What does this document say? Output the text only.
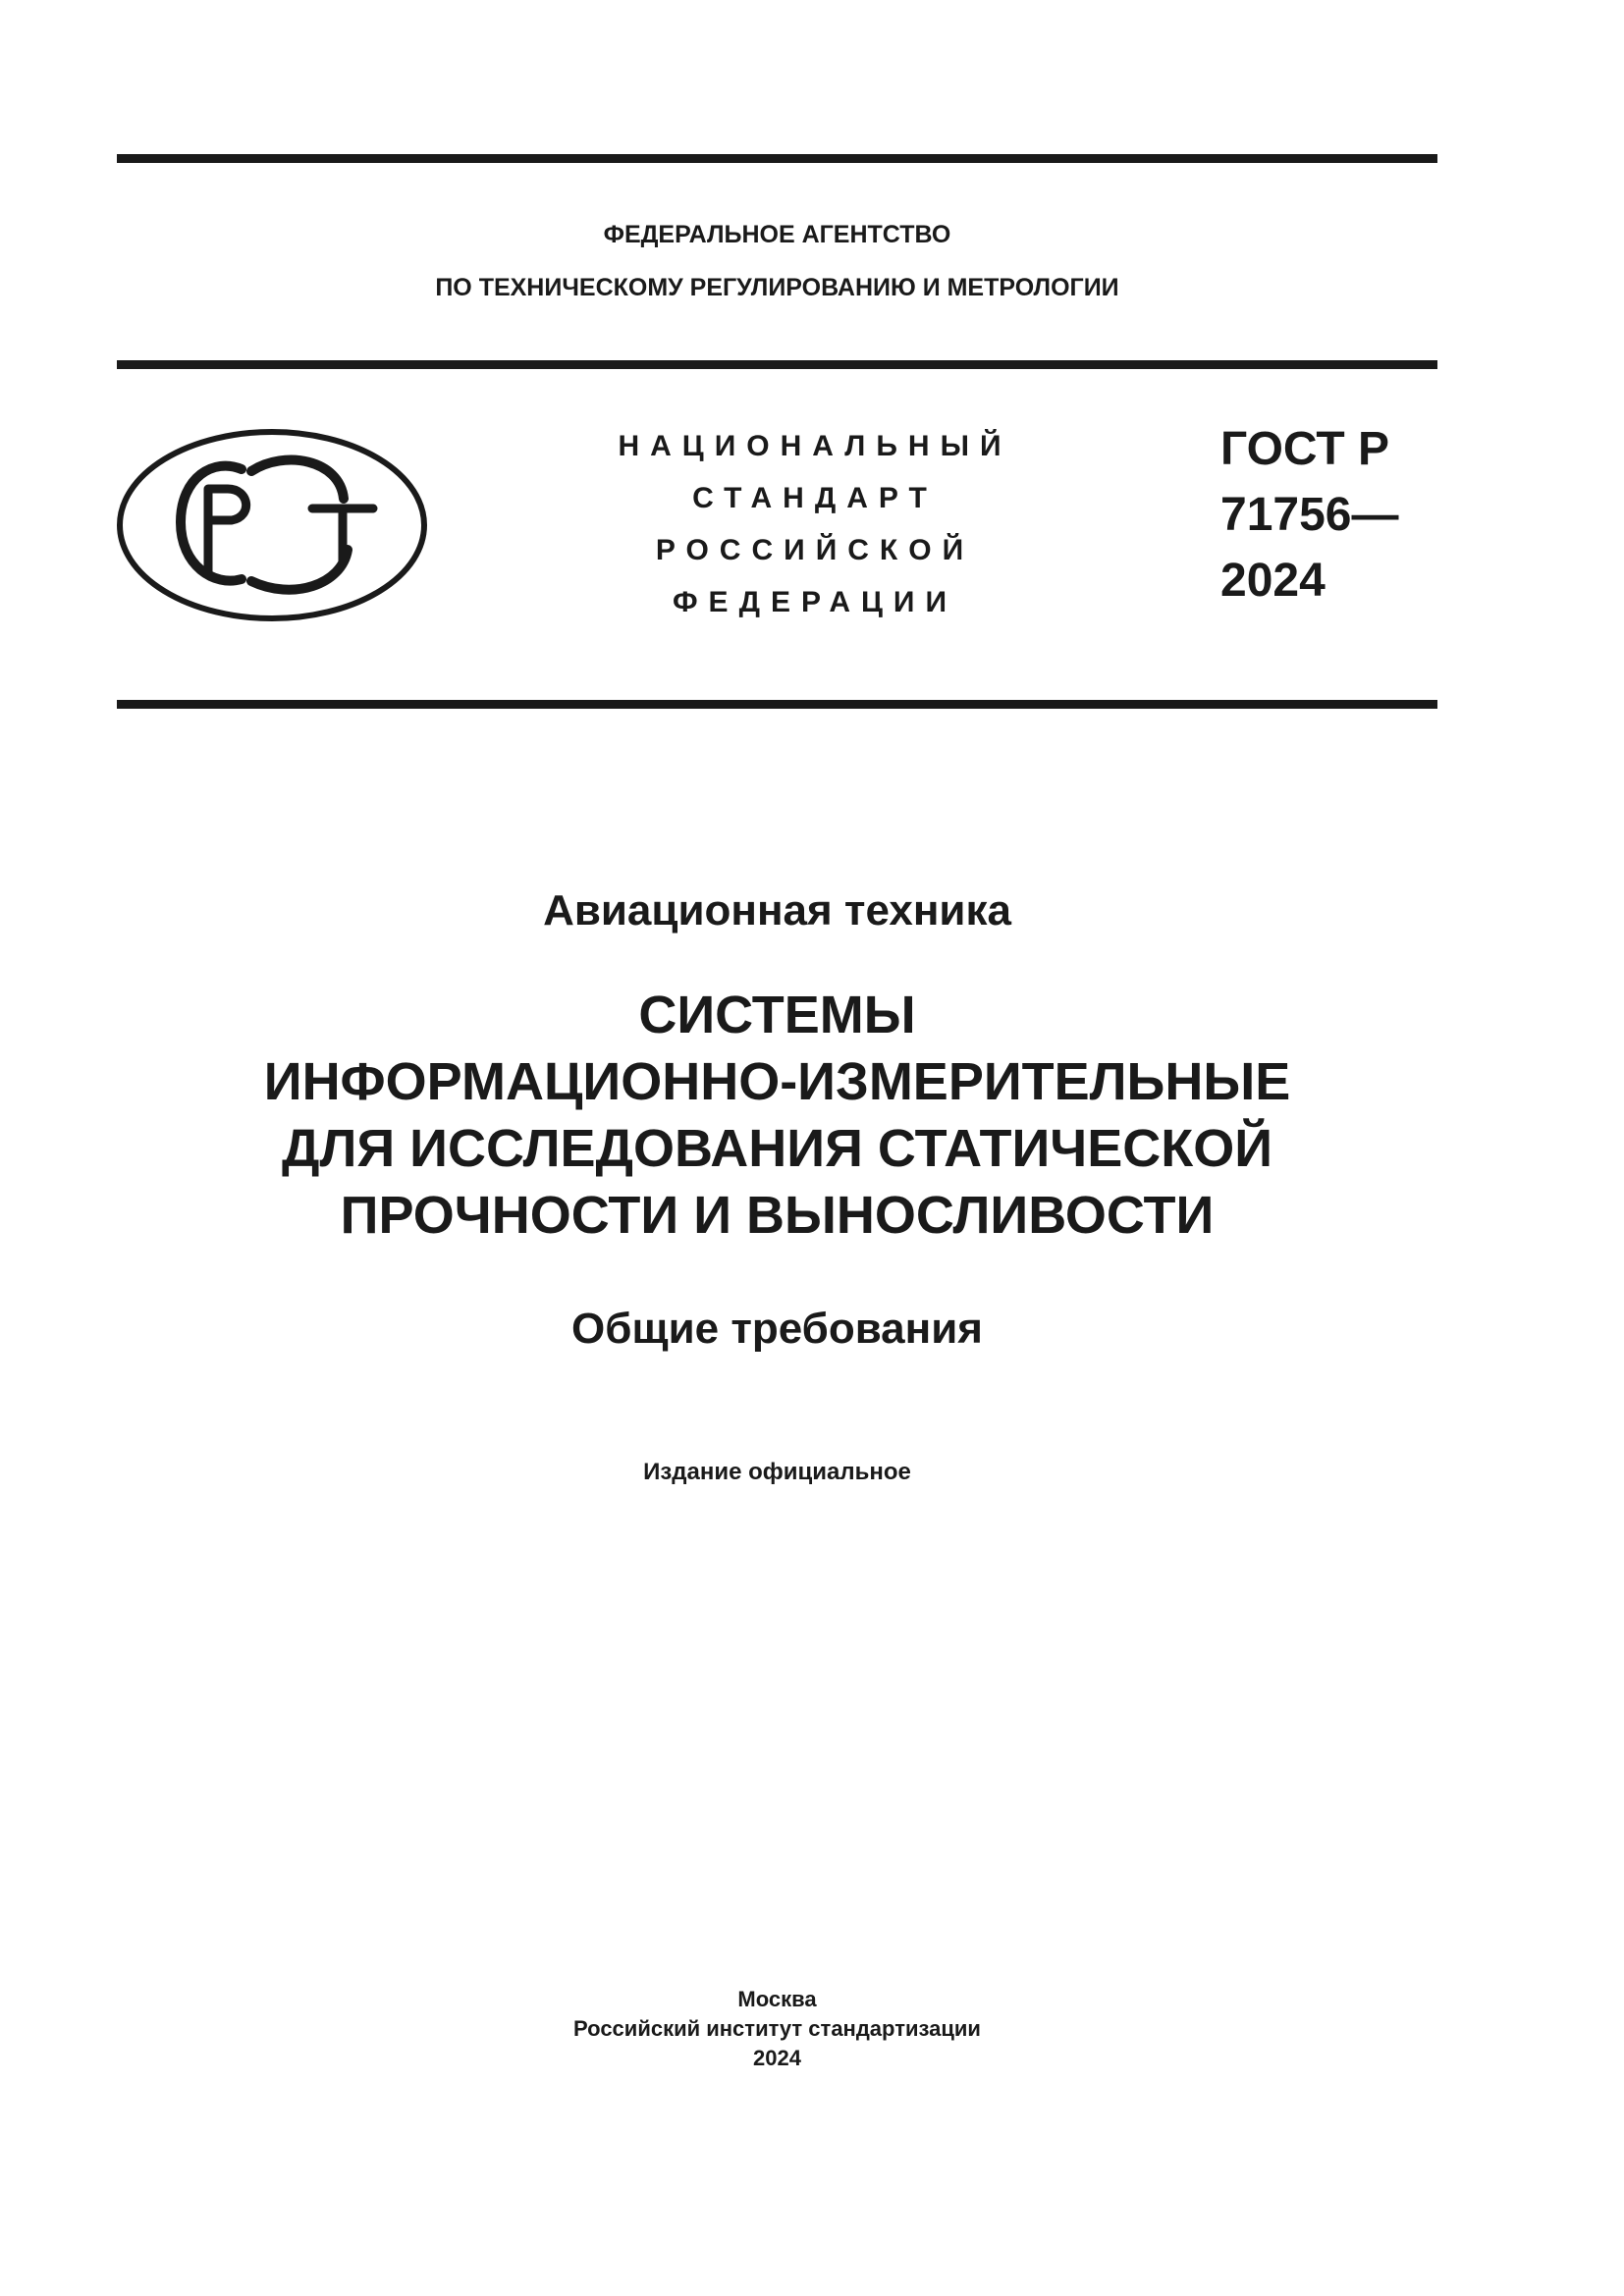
ФЕДЕРАЛЬНОЕ АГЕНТСТВО
ПО ТЕХНИЧЕСКОМУ РЕГУЛИРОВАНИЮ И МЕТРОЛОГИИ
НАЦИОНАЛЬНЫЙ
СТАНДАРТ
РОССИЙСКОЙ
ФЕДЕРАЦИИ
ГОСТ Р
71756—
2024
Авиационная техника
СИСТЕМЫ
ИНФОРМАЦИОННО-ИЗМЕРИТЕЛЬНЫЕ
ДЛЯ ИССЛЕДОВАНИЯ СТАТИЧЕСКОЙ
ПРОЧНОСТИ И ВЫНОСЛИВОСТИ
Общие требования
Издание официальное
Москва
Российский институт стандартизации
2024
